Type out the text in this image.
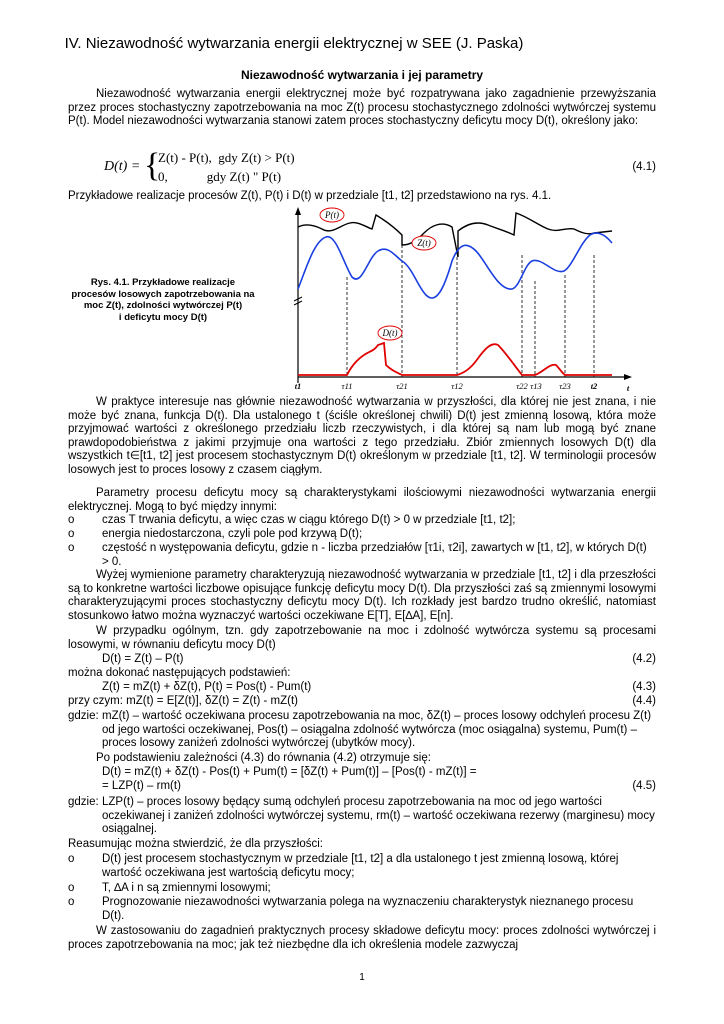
IV. Niezawodność wytwarzania energii elektrycznej w SEE (J. Paska)
Niezawodność wytwarzania i jej parametry
Niezawodność wytwarzania energii elektrycznej może być rozpatrywana jako zagadnienie przewyższania przez proces stochastyczny zapotrzebowania na moc Z(t) procesu stochastycznego zdolności wytwórczej systemu P(t). Model niezawodności wytwarzania stanowi zatem proces stochastyczny deficytu mocy D(t), określony jako:
D(t) = {
Z(t) - P(t),  gdy Z(t) > P(t)
0,            gdy Z(t) " P(t)
(4.1)
Przykładowe realizacje procesów Z(t), P(t) i D(t) w przedziale [t1, t2] przedstawiono na rys. 4.1.
Rys. 4.1. Przykładowe realizacje
procesów losowych zapotrzebowania na
moc Z(t), zdolności wytwórczej P(t)
i deficytu mocy D(t)
P(t)
Z(t)
D(t)
t1	τ11	τ21	τ12	τ22 τ13 τ23 t2	t
W praktyce interesuje nas głównie niezawodność wytwarzania w przyszłości, dla której nie jest znana, i nie może być znana, funkcja D(t). Dla ustalonego t (ściśle określonej chwili) D(t) jest zmienną losową, która może przyjmować wartości z określonego przedziału liczb rzeczywistych, i dla której są nam lub mogą być znane prawdopodobieństwa z jakimi przyjmuje ona wartości z tego przedziału. Zbiór zmiennych losowych D(t) dla wszystkich t∈[t1, t2] jest procesem stochastycznym D(t) określonym w przedziale [t1, t2]. W terminologii procesów losowych jest to proces losowy z czasem ciągłym.
Parametry procesu deficytu mocy są charakterystykami ilościowymi niezawodności wytwarzania energii elektrycznej. Mogą to być między innymi:
o czas T trwania deficytu, a więc czas w ciągu którego D(t) > 0 w przedziale [t1, t2];
o energia niedostarczona, czyli pole pod krzywą D(t);
o częstość n występowania deficytu, gdzie n - liczba przedziałów [τ1i, τ2i], zawartych w [t1, t2], w których D(t) > 0.
Wyżej wymienione parametry charakteryzują niezawodność wytwarzania w przedziale [t1, t2] i dla przeszłości są to konkretne wartości liczbowe opisujące funkcję deficytu mocy D(t). Dla przyszłości zaś są zmiennymi losowymi charakteryzującymi proces stochastyczny deficytu mocy D(t). Ich rozkłady jest bardzo trudno określić, natomiast stosunkowo łatwo można wyznaczyć wartości oczekiwane E[T], E[∆A], E[n].
W przypadku ogólnym, tzn. gdy zapotrzebowanie na moc i zdolność wytwórcza systemu są procesami losowymi, w równaniu deficytu mocy D(t)
D(t) = Z(t) – P(t)	(4.2)
można dokonać następujących podstawień:
Z(t) = mZ(t) + δZ(t), P(t) = Pos(t) - Pum(t)	(4.3)
przy czym: mZ(t) = E[Z(t)], δZ(t) = Z(t) - mZ(t)	(4.4)
gdzie: mZ(t) – wartość oczekiwana procesu zapotrzebowania na moc, δZ(t) – proces losowy odchyleń procesu Z(t) od jego wartości oczekiwanej, Pos(t) – osiągalna zdolność wytwórcza (moc osiągalna) systemu, Pum(t) – proces losowy zaniżeń zdolności wytwórczej (ubytków mocy).
Po podstawieniu zależności (4.3) do równania (4.2) otrzymuje się:
D(t) = mZ(t) + δZ(t) - Pos(t) + Pum(t) = [δZ(t) + Pum(t)] – [Pos(t) - mZ(t)] =
= LZP(t) – rm(t)	(4.5)
gdzie: LZP(t) – proces losowy będący sumą odchyleń procesu zapotrzebowania na moc od jego wartości oczekiwanej i zaniżeń zdolności wytwórczej systemu, rm(t) – wartość oczekiwana rezerwy (marginesu) mocy osiągalnej.
Reasumując można stwierdzić, że dla przyszłości:
o D(t) jest procesem stochastycznym w przedziale [t1, t2] a dla ustalonego t jest zmienną losową, której wartość oczekiwana jest wartością deficytu mocy;
o T, ∆A i n są zmiennymi losowymi;
o Prognozowanie niezawodności wytwarzania polega na wyznaczeniu charakterystyk nieznanego procesu D(t).
W zastosowaniu do zagadnień praktycznych procesy składowe deficytu mocy: proces zdolności wytwórczej i proces zapotrzebowania na moc; jak też niezbędne dla ich określenia modele zazwyczaj
1
